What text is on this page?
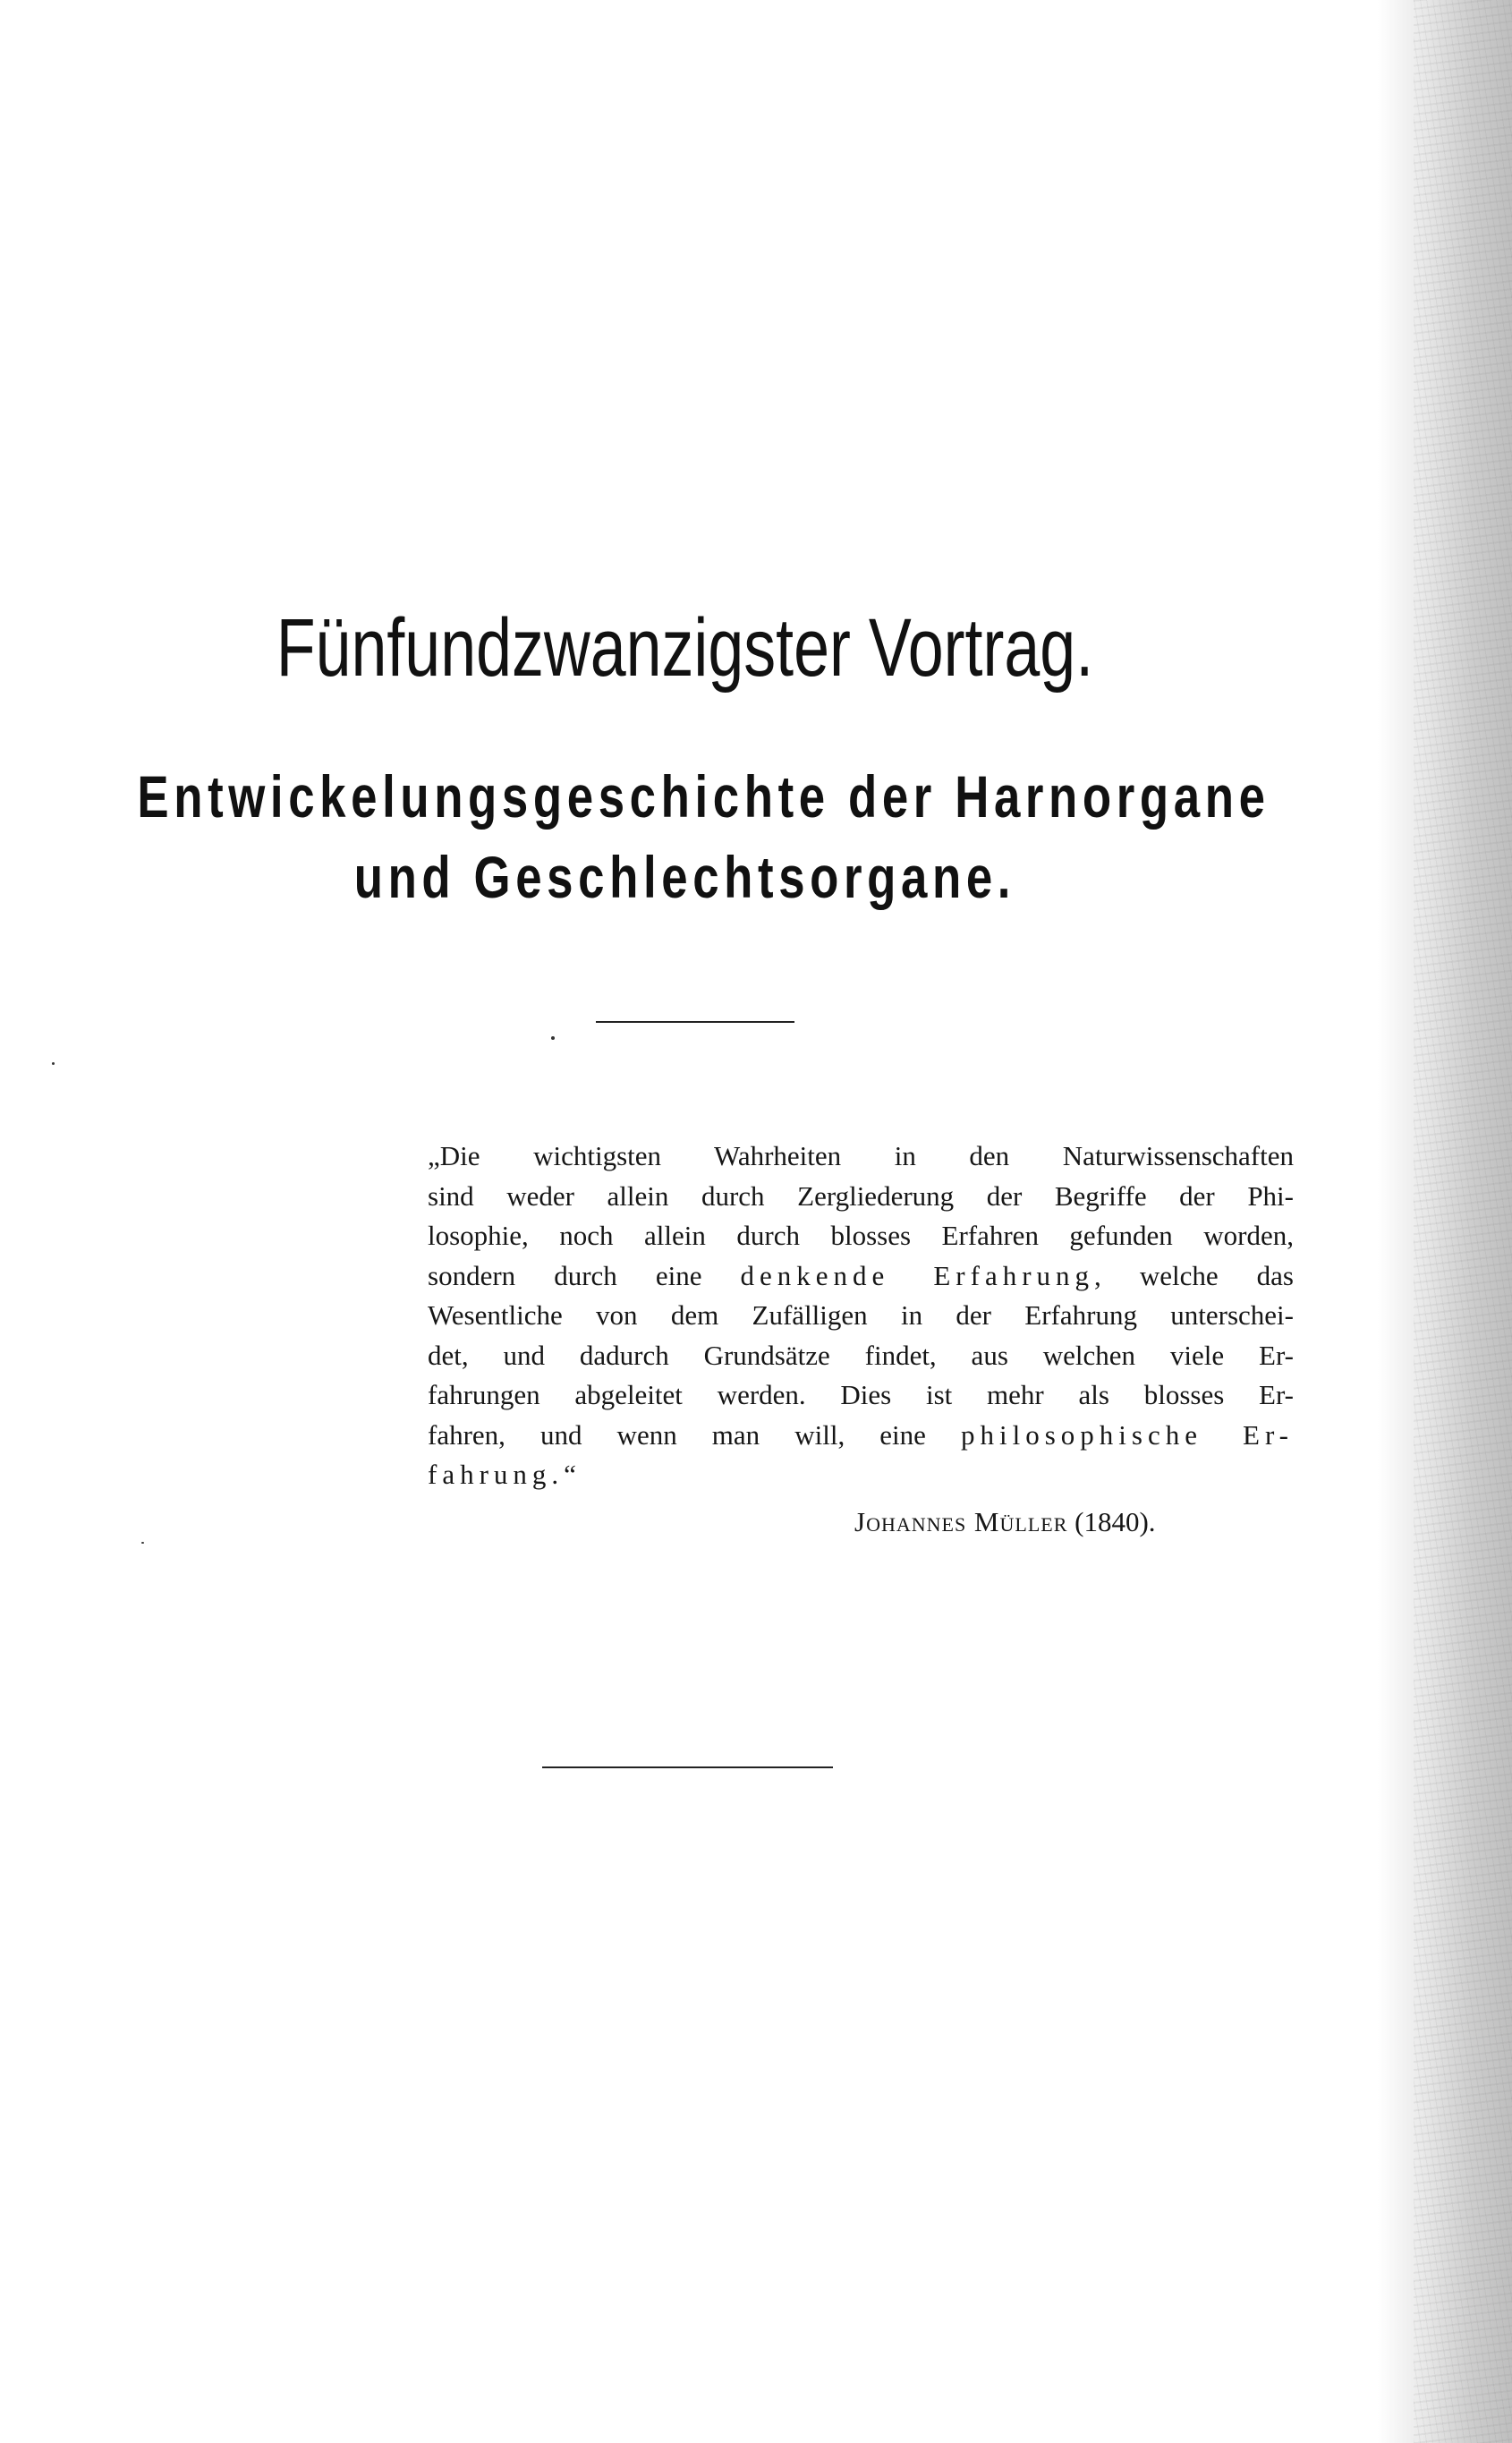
Fünfundzwanzigster Vortrag.
Entwickelungsgeschichte der Harnorgane
und Geschlechtsorgane.
„Die wichtigsten Wahrheiten in den Naturwissenschaften
sind weder allein durch Zergliederung der Begriffe der Phi-
losophie, noch allein durch blosses Erfahren gefunden worden,
sondern durch eine denkende Erfahrung, welche das
Wesentliche von dem Zufälligen in der Erfahrung unterschei-
det, und dadurch Grundsätze findet, aus welchen viele Er-
fahrungen abgeleitet werden. Dies ist mehr als blosses Er-
fahren, und wenn man will, eine philosophische Er-
fahrung.“
Johannes Müller (1840).
